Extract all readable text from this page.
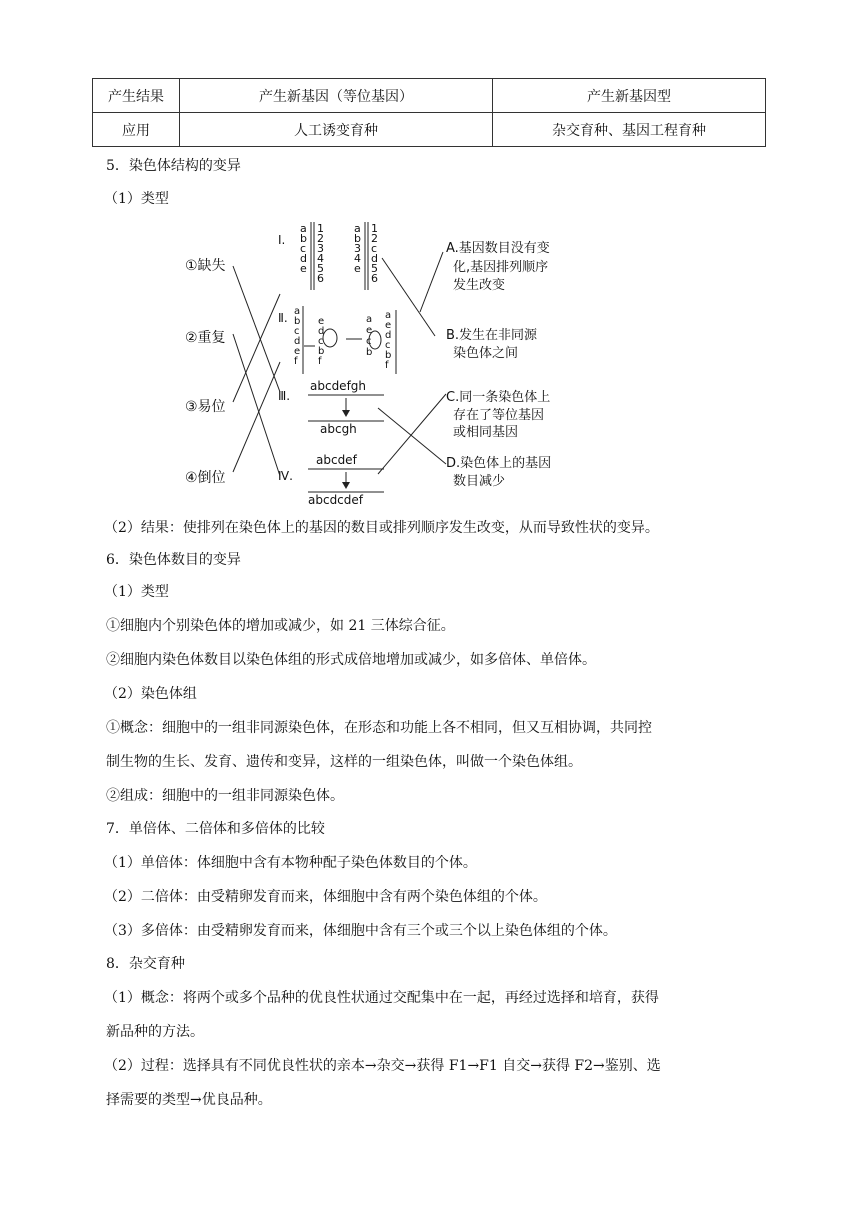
产生结果	产生新基因（等位基因）	产生新基因型
应用	人工诱变育种	杂交育种、基因工程育种
5．染色体结构的变异
（1）类型
①缺失
②重复
③易位
④倒位
Ⅰ.
Ⅱ.
Ⅲ.
Ⅳ.
A.基因数目没有变
化,基因排列顺序
发生改变
B.发生在非同源
染色体之间
C.同一条染色体上
存在了等位基因
或相同基因
D.染色体上的基因
数目减少
a
b
c
d
e
1
2
3
4
5
6
a
b
3
4
e
1
2
c
d
5
6
a
b
c
d
e
f
e
d
c
b
f
a
e
c
b
a
e
d
c
b
f
abcdefgh
abcgh
abcdef
abcdcdef
（2）结果：使排列在染色体上的基因的数目或排列顺序发生改变，从而导致性状的变异。
6．染色体数目的变异
（1）类型
①细胞内个别染色体的增加或减少，如 21 三体综合征。
②细胞内染色体数目以染色体组的形式成倍地增加或减少，如多倍体、单倍体。
（2）染色体组
①概念：细胞中的一组非同源染色体，在形态和功能上各不相同，但又互相协调，共同控
制生物的生长、发育、遗传和变异，这样的一组染色体，叫做一个染色体组。
②组成：细胞中的一组非同源染色体。
7．单倍体、二倍体和多倍体的比较
（1）单倍体：体细胞中含有本物种配子染色体数目的个体。
（2）二倍体：由受精卵发育而来，体细胞中含有两个染色体组的个体。
（3）多倍体：由受精卵发育而来，体细胞中含有三个或三个以上染色体组的个体。
8．杂交育种
（1）概念：将两个或多个品种的优良性状通过交配集中在一起，再经过选择和培育，获得
新品种的方法。
（2）过程：选择具有不同优良性状的亲本→杂交→获得 F1→F1 自交→获得 F2→鉴别、选
择需要的类型→优良品种。
